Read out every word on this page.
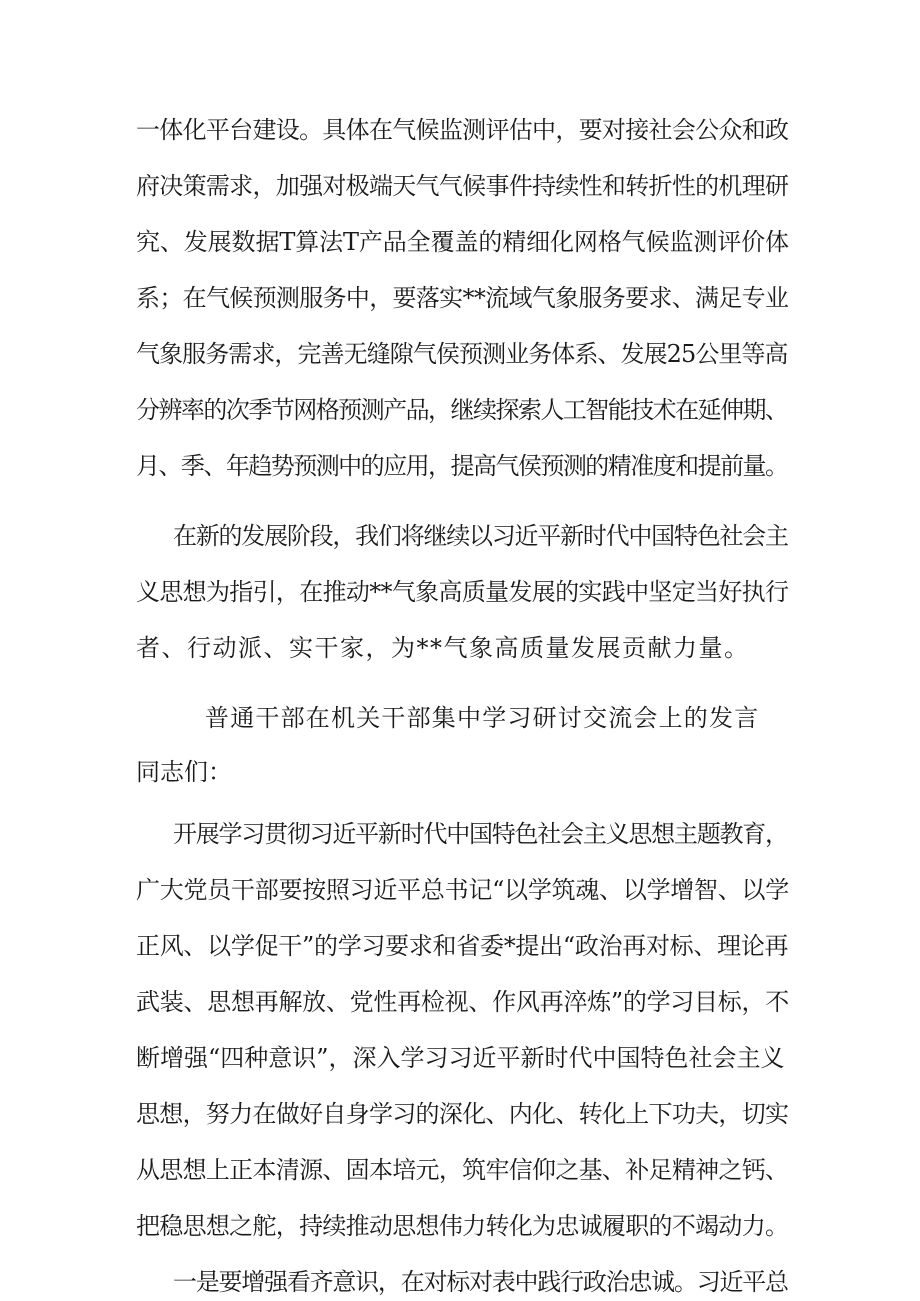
一体化平台建设。具体在气候监测评估中，要对接社会公众和政
府决策需求，加强对极端天气气候事件持续性和转折性的机理研
究、发展数据T算法T产品全覆盖的精细化网格气候监测评价体
系；在气候预测服务中，要落实**流域气象服务要求、满足专业
气象服务需求，完善无缝隙气侯预测业务体系、发展25公里等高
分辨率的次季节网格预测产品，继续探索人工智能技术在延伸期、
月、季、年趋势预测中的应用，提高气侯预测的精准度和提前量。
在新的发展阶段，我们将继续以习近平新时代中国特色社会主
义思想为指引，在推动**气象高质量发展的实践中坚定当好执行
者、行动派、实干家，为**气象高质量发展贡献力量。
普通干部在机关干部集中学习研讨交流会上的发言
同志们：
开展学习贯彻习近平新时代中国特色社会主义思想主题教育，
广大党员干部要按照习近平总书记“以学筑魂、以学增智、以学
正风、以学促干”的学习要求和省委*提出“政治再对标、理论再
武装、思想再解放、党性再检视、作风再淬炼”的学习目标，不
断增强“四种意识”，深入学习习近平新时代中国特色社会主义
思想，努力在做好自身学习的深化、内化、转化上下功夫，切实
从思想上正本清源、固本培元，筑牢信仰之基、补足精神之钙、
把稳思想之舵，持续推动思想伟力转化为忠诚履职的不竭动力。
一是要增强看齐意识，在对标对表中践行政治忠诚。习近平总
